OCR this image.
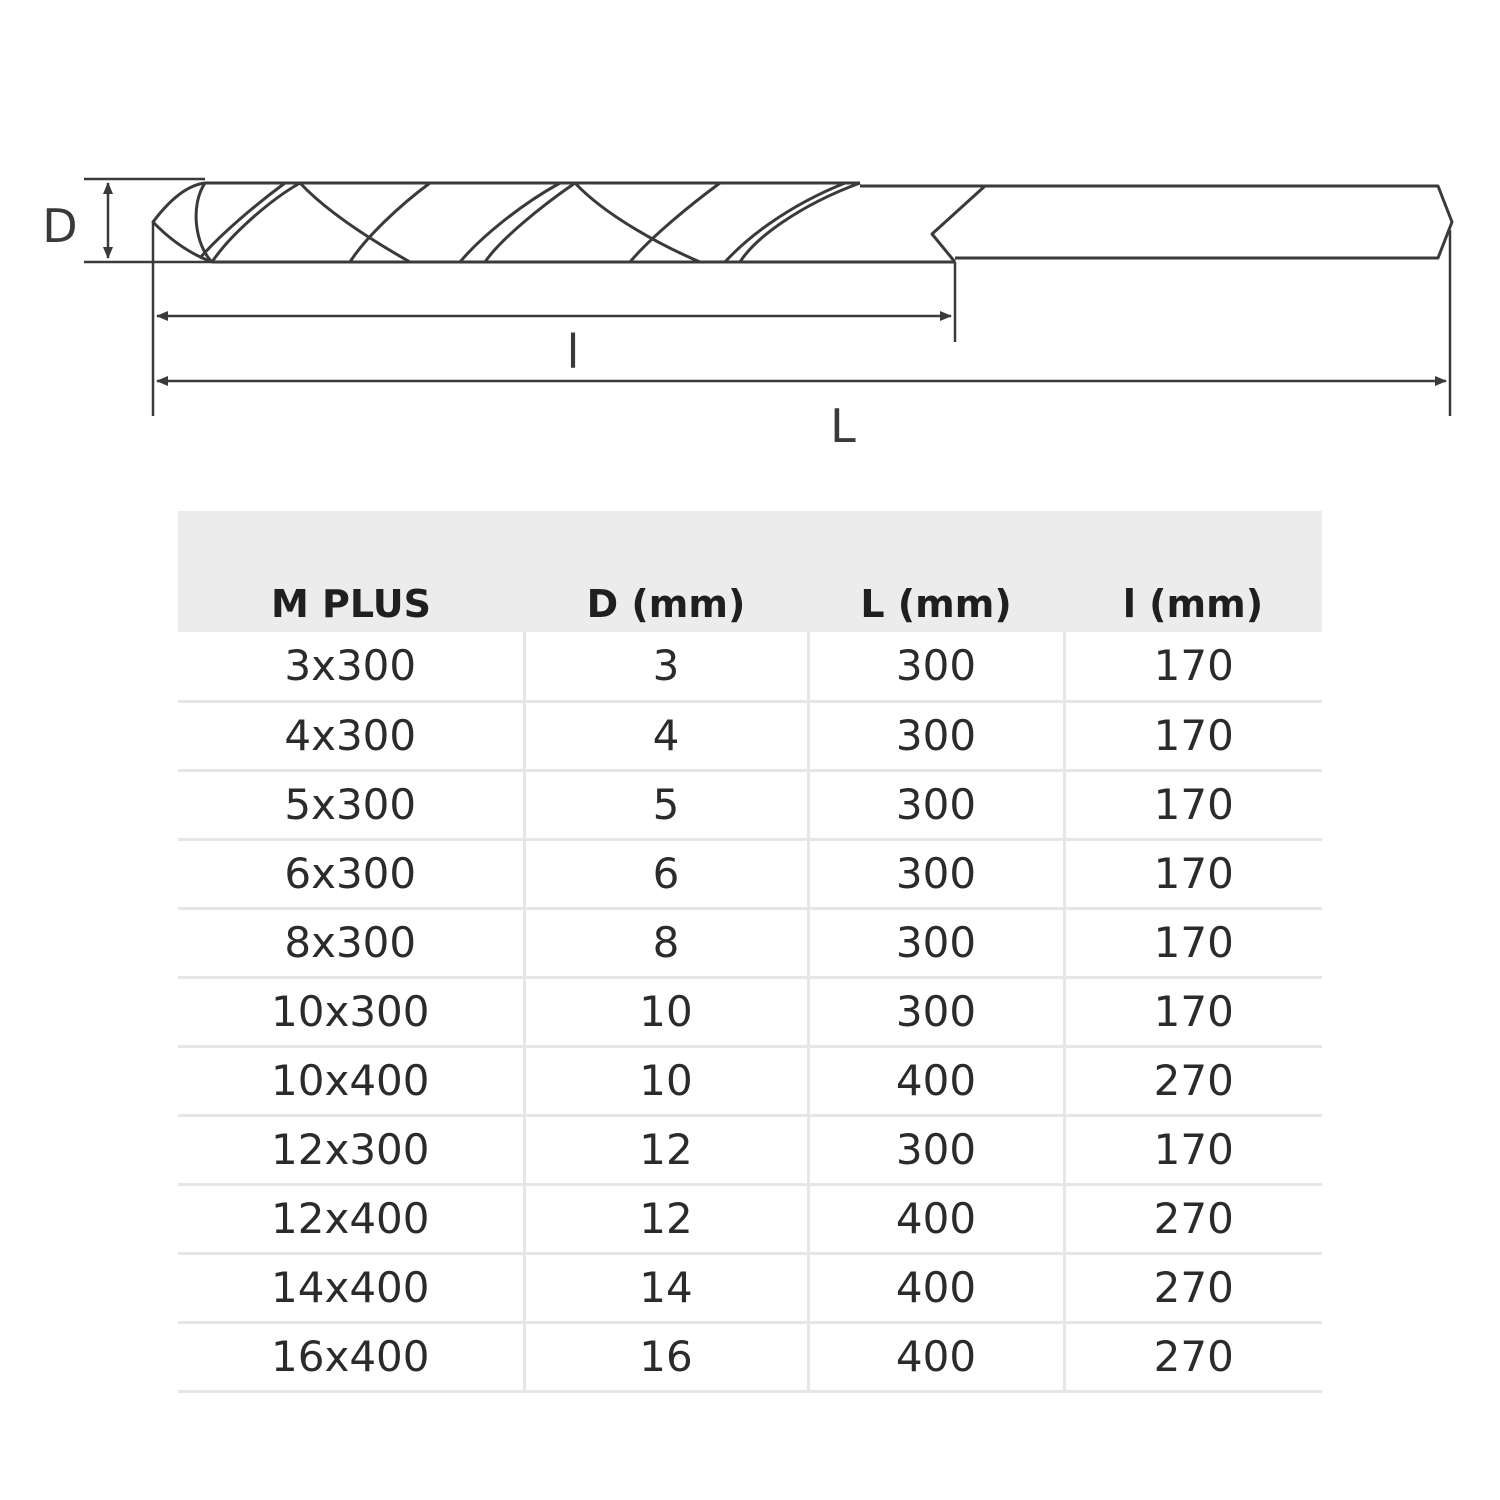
D
l
L
M PLUS	D (mm)	L (mm)	l (mm)
3x300	3	300	170
4x300	4	300	170
5x300	5	300	170
6x300	6	300	170
8x300	8	300	170
10x300	10	300	170
10x400	10	400	270
12x300	12	300	170
12x400	12	400	270
14x400	14	400	270
16x400	16	400	270
